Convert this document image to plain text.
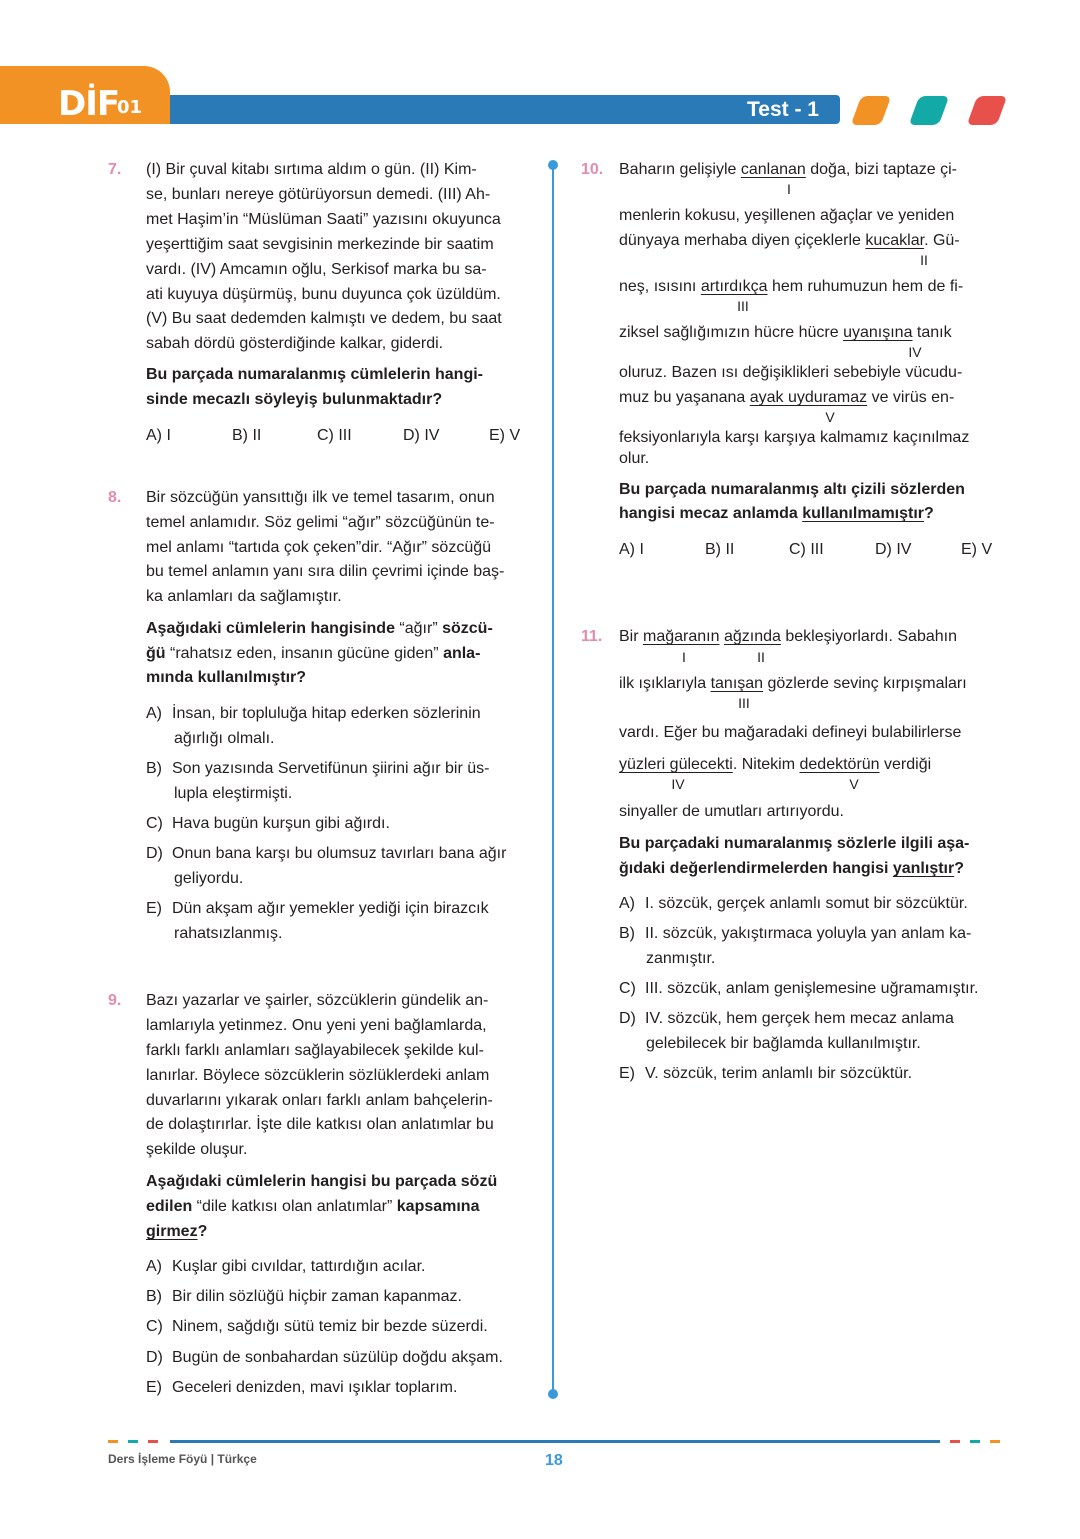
DİF
01	Test - 1
7. (I) Bir çuval kitabı sırtıma aldım o gün. (II) Kim-
se, bunları nereye götürüyorsun demedi. (III) Ah-
met Haşim’in “Müslüman Saati” yazısını okuyunca
yeşerttiğim saat sevgisinin merkezinde bir saatim
vardı. (IV) Amcamın oğlu, Serkisof marka bu sa-
ati kuyuya düşürmüş, bunu duyunca çok üzüldüm.
(V) Bu saat dedemden kalmıştı ve dedem, bu saat
sabah dördü gösterdiğinde kalkar, giderdi.
Bu parçada numaralanmış cümlelerin hangi-
sinde mecazlı söyleyiş bulunmaktadır?
A) I	B) II	C) III	D) IV	E) V
8. Bir sözcüğün yansıttığı ilk ve temel tasarım, onun
temel anlamıdır. Söz gelimi “ağır” sözcüğünün te-
mel anlamı “tartıda çok çeken”dir. “Ağır” sözcüğü
bu temel anlamın yanı sıra dilin çevrimi içinde baş-
ka anlamları da sağlamıştır.
Aşağıdaki cümlelerin hangisinde “ağır” sözcü-
ğü “rahatsız eden, insanın gücüne giden” anla-
mında kullanılmıştır?
A) İnsan, bir topluluğa hitap ederken sözlerinin
ağırlığı olmalı.
B) Son yazısında Servetifünun şiirini ağır bir üs-
lupla eleştirmişti.
C) Hava bugün kurşun gibi ağırdı.
D) Onun bana karşı bu olumsuz tavırları bana ağır
geliyordu.
E) Dün akşam ağır yemekler yediği için birazcık
rahatsızlanmış.
9. Bazı yazarlar ve şairler, sözcüklerin gündelik an-
lamlarıyla yetinmez. Onu yeni yeni bağlamlarda,
farklı farklı anlamları sağlayabilecek şekilde kul-
lanırlar. Böylece sözcüklerin sözlüklerdeki anlam
duvarlarını yıkarak onları farklı anlam bahçelerin-
de dolaştırırlar. İşte dile katkısı olan anlatımlar bu
şekilde oluşur.
Aşağıdaki cümlelerin hangisi bu parçada sözü
edilen “dile katkısı olan anlatımlar” kapsamına
girmez?
A) Kuşlar gibi cıvıldar, tattırdığın acılar.
B) Bir dilin sözlüğü hiçbir zaman kapanmaz.
C) Ninem, sağdığı sütü temiz bir bezde süzerdi.
D) Bugün de sonbahardan süzülüp doğdu akşam.
E) Geceleri denizden, mavi ışıklar toplarım.
10. Baharın gelişiyle canlanan doğa, bizi taptaze çi-
I
menlerin kokusu, yeşillenen ağaçlar ve yeniden
dünyaya merhaba diyen çiçeklerle kucaklar. Gü-
II
neş, ısısını artırdıkça hem ruhumuzun hem de fi-
III
ziksel sağlığımızın hücre hücre uyanışına tanık
IV
oluruz. Bazen ısı değişiklikleri sebebiyle vücudu-
muz bu yaşanana ayak uyduramaz ve virüs en-
V
feksiyonlarıyla karşı karşıya kalmamız kaçınılmaz
olur.
Bu parçada numaralanmış altı çizili sözlerden
hangisi mecaz anlamda kullanılmamıştır?
A) I	B) II	C) III	D) IV	E) V
11. Bir mağaranın ağzında bekleşiyorlardı. Sabahın
I	II
ilk ışıklarıyla tanışan gözlerde sevinç kırpışmaları
III
vardı. Eğer bu mağaradaki defineyi bulabilirlerse
yüzleri gülecekti. Nitekim dedektörün verdiği
IV	V
sinyaller de umutları artırıyordu.
Bu parçadaki numaralanmış sözlerle ilgili aşa-
ğıdaki değerlendirmelerden hangisi yanlıştır?
A) I. sözcük, gerçek anlamlı somut bir sözcüktür.
B) II. sözcük, yakıştırmaca yoluyla yan anlam ka-
zanmıştır.
C) III. sözcük, anlam genişlemesine uğramamıştır.
D) IV. sözcük, hem gerçek hem mecaz anlama
gelebilecek bir bağlamda kullanılmıştır.
E) V. sözcük, terim anlamlı bir sözcüktür.
Ders İşleme Föyü | Türkçe	18
